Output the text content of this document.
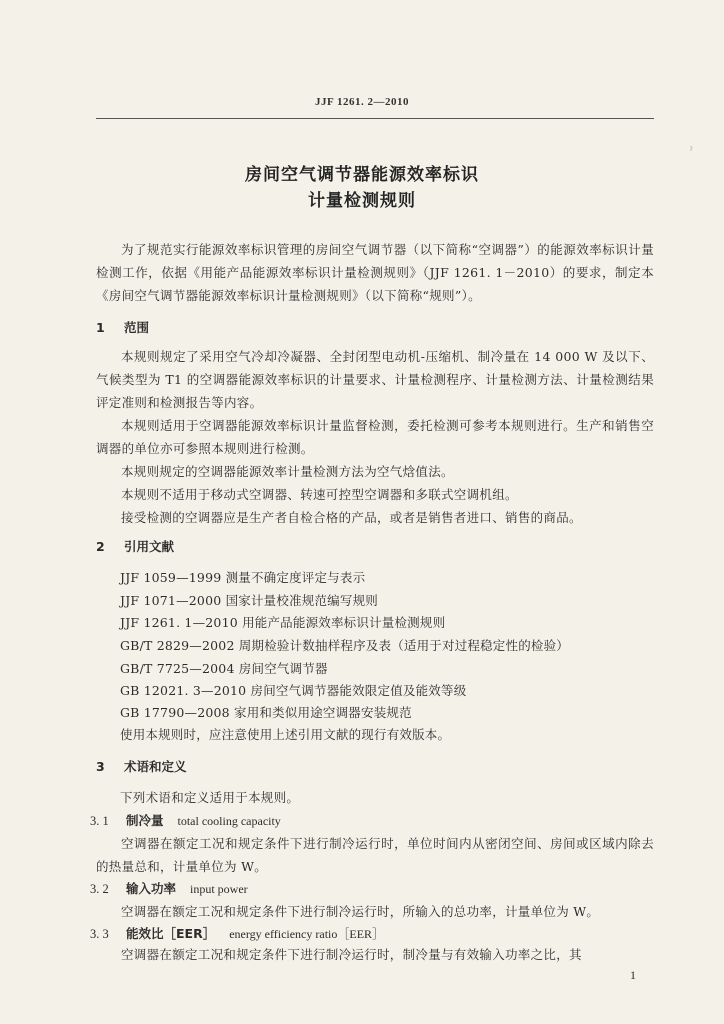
JJF 1261. 2—2010
ˀ
房间空气调节器能源效率标识
计量检测规则
为了规范实行能源效率标识管理的房间空气调节器（以下简称“空调器”）的能源效率标识计量检测工作，依据《用能产品能源效率标识计量检测规则》（JJF 1261. 1－2010）的要求，制定本《房间空气调节器能源效率标识计量检测规则》（以下简称“规则”）。
1 范围
本规则规定了采用空气冷却冷凝器、全封闭型电动机-压缩机、制冷量在 14 000 W 及以下、气候类型为 T1 的空调器能源效率标识的计量要求、计量检测程序、计量检测方法、计量检测结果评定准则和检测报告等内容。
本规则适用于空调器能源效率标识计量监督检测，委托检测可参考本规则进行。生产和销售空调器的单位亦可参照本规则进行检测。
本规则规定的空调器能源效率计量检测方法为空气焓值法。
本规则不适用于移动式空调器、转速可控型空调器和多联式空调机组。
接受检测的空调器应是生产者自检合格的产品，或者是销售者进口、销售的商品。
2 引用文献
JJF 1059—1999 测量不确定度评定与表示
JJF 1071—2000 国家计量校准规范编写规则
JJF 1261. 1—2010 用能产品能源效率标识计量检测规则
GB/T 2829—2002 周期检验计数抽样程序及表（适用于对过程稳定性的检验）
GB/T 7725—2004 房间空气调节器
GB 12021. 3—2010 房间空气调节器能效限定值及能效等级
GB 17790—2008 家用和类似用途空调器安装规范
使用本规则时，应注意使用上述引用文献的现行有效版本。
3 术语和定义
下列术语和定义适用于本规则。
3. 1 制冷量 total cooling capacity
空调器在额定工况和规定条件下进行制冷运行时，单位时间内从密闭空间、房间或区域内除去的热量总和，计量单位为 W。
3. 2 输入功率 input power
空调器在额定工况和规定条件下进行制冷运行时，所输入的总功率，计量单位为 W。
3. 3 能效比［EER］ energy efficiency ratio［EER］
空调器在额定工况和规定条件下进行制冷运行时，制冷量与有效输入功率之比，其
1
